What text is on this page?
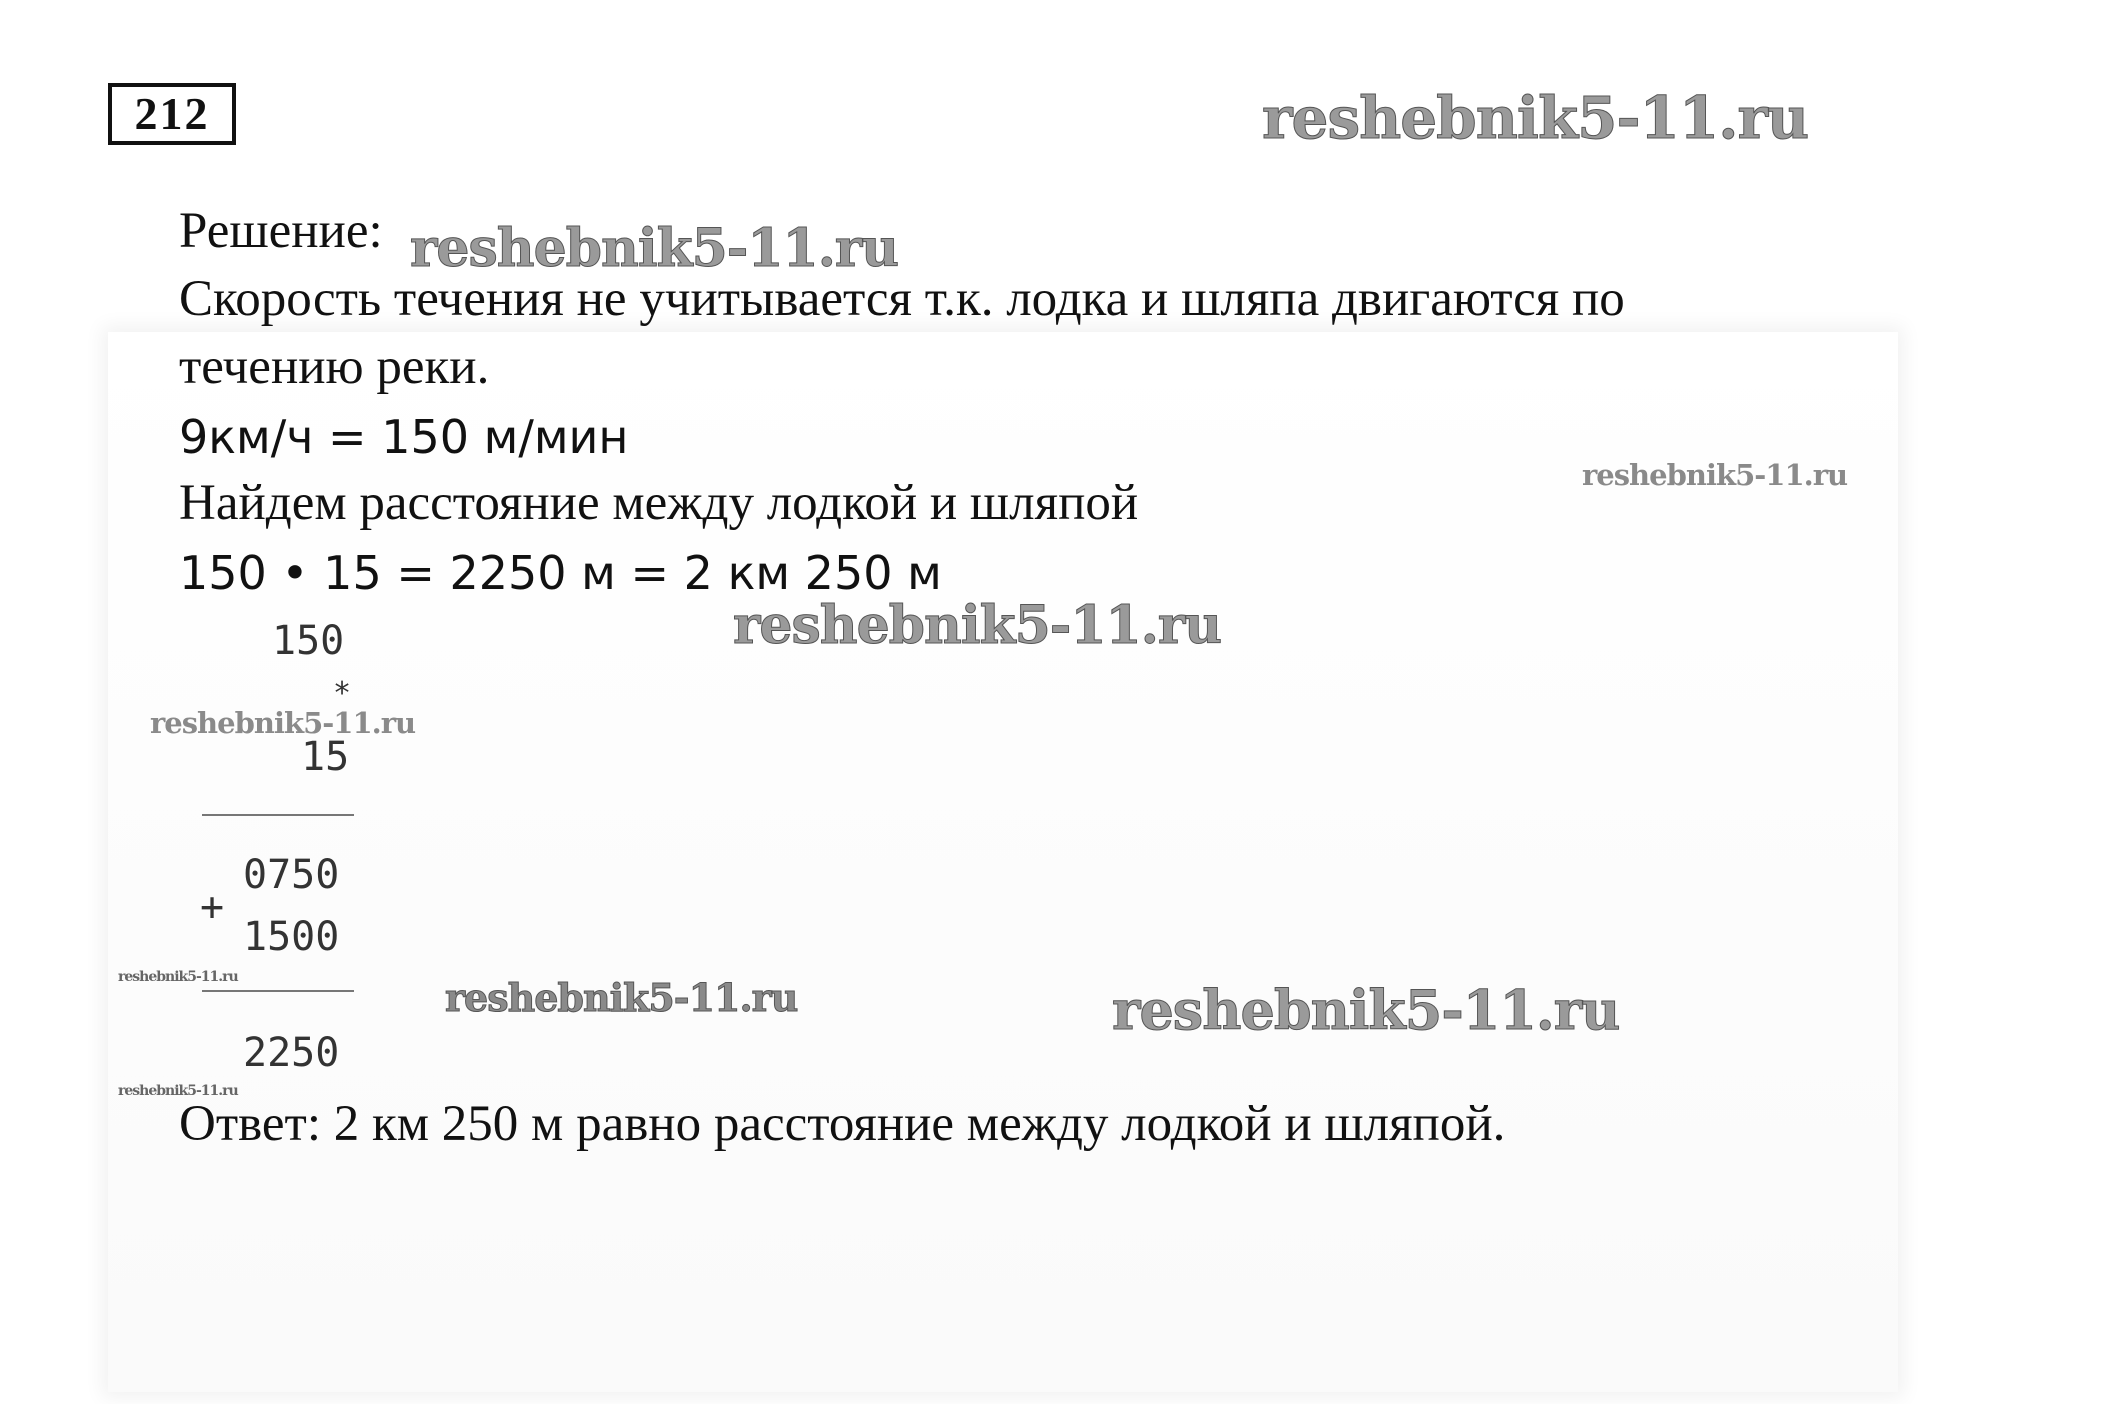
212
Решение:
Скорость течения не учитывается т.к. лодка и шляпа двигаются по
течению реки.
9км/ч = 150 м/мин
Найдем расстояние между лодкой и шляпой
150 • 15 = 2250 м = 2 км 250 м
150
*
15
0750
+
1500
2250
Ответ: 2 км 250 м равно расстояние между лодкой и шляпой.
reshebnik5-11.ru
reshebnik5-11.ru
reshebnik5-11.ru
reshebnik5-11.ru
reshebnik5-11.ru
reshebnik5-11.ru	reshebnik5-11.ru	reshebnik5-11.ru
reshebnik5-11.ru
